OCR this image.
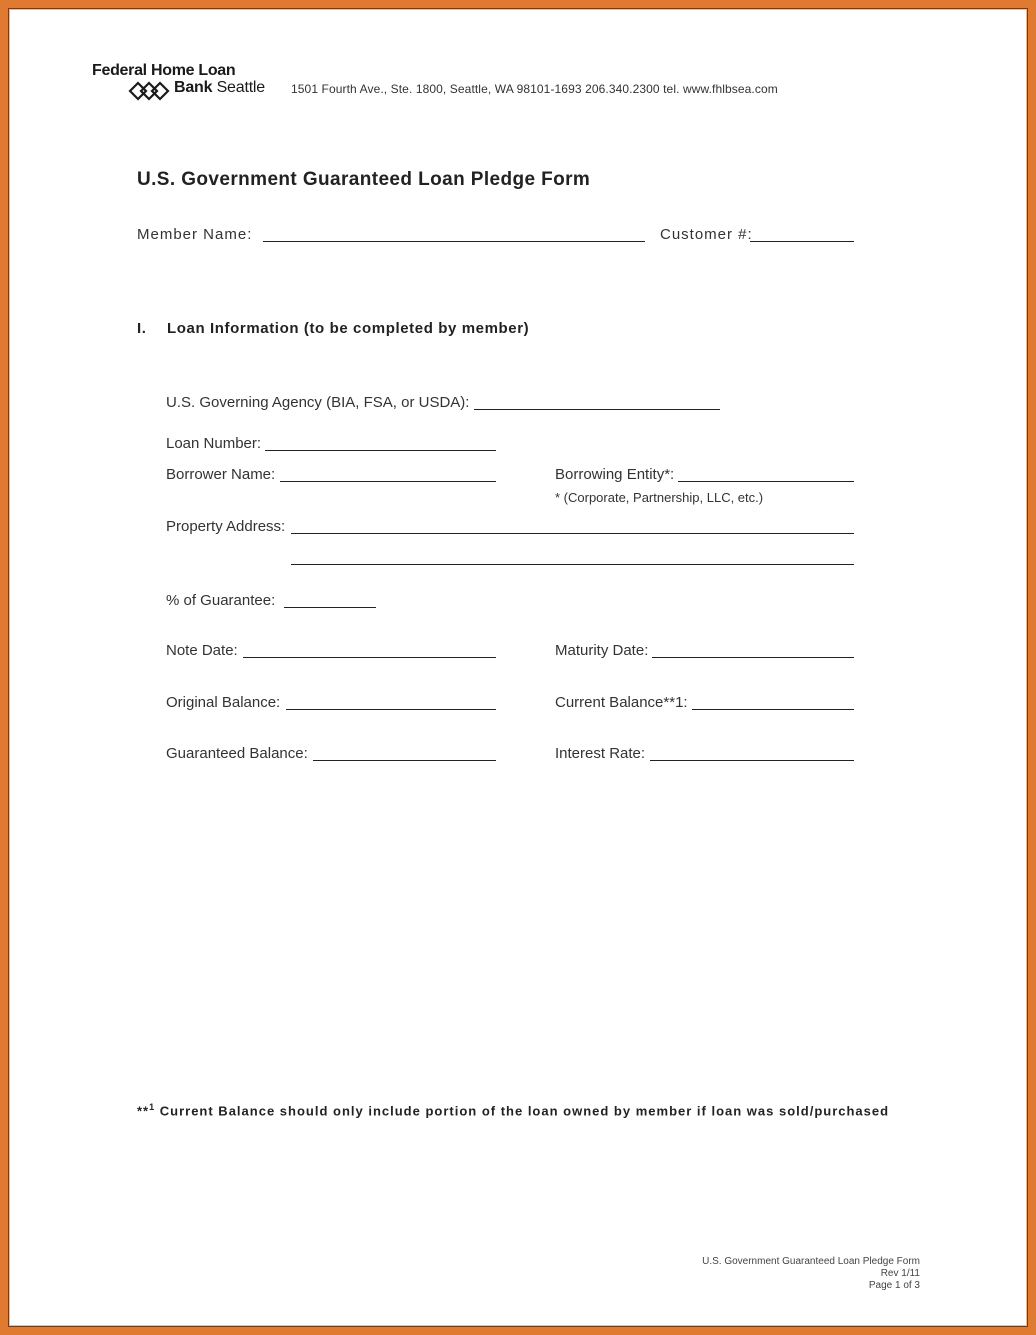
Federal Home Loan
Bank Seattle 1501 Fourth Ave., Ste. 1800, Seattle, WA 98101-1693 206.340.2300 tel. www.fhlbsea.com
U.S. Government Guaranteed Loan Pledge Form
Member Name:	Customer #:
I. Loan Information (to be completed by member)
U.S. Governing Agency (BIA, FSA, or USDA):
Loan Number:
Borrower Name:	Borrowing Entity*:
* (Corporate, Partnership, LLC, etc.)
Property Address:
% of Guarantee:
Note Date:	Maturity Date:
Original Balance:	Current Balance**1:
Guaranteed Balance:	Interest Rate:
**$^1$ Current Balance should only include portion of the loan owned by member if loan was sold/purchased
U.S. Government Guaranteed Loan Pledge Form
Rev 1/11
Page 1 of 3
